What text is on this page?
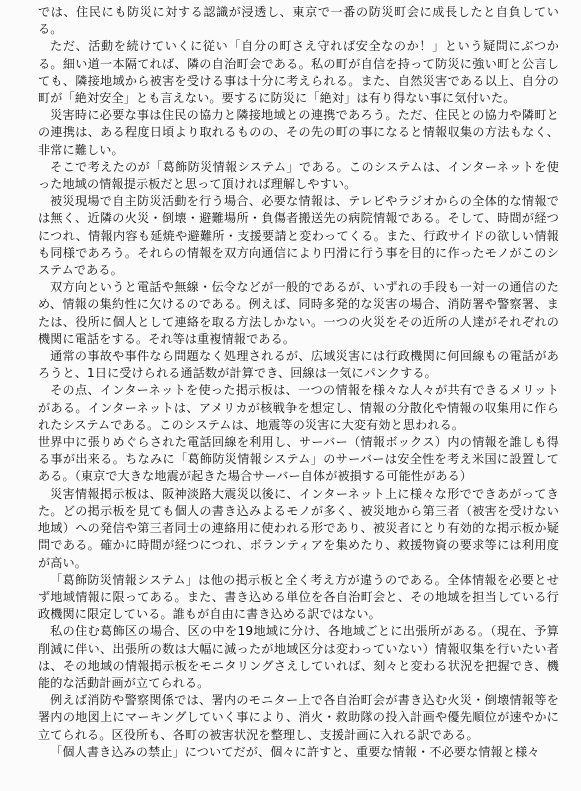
では、住民にも防災に対する認識が浸透し、東京で一番の防災町会に成長したと自負している。

ただ、活動を続けていくに従い「自分の町さえ守れば安全なのか！」という疑問にぶつかる。細い道一本隔てれば、隣の自治町会である。私の町が自信を持って防災に強い町と公言しても、隣接地域から被害を受ける事は十分に考えられる。また、自然災害である以上、自分の町が「絶対安全」とも言えない。要するに防災に「絶対」は有り得ない事に気付いた。

災害時に必要な事は住民の協力と隣接地域との連携であろう。ただ、住民との協力や隣町との連携は、ある程度日頃より取れるものの、その先の町の事になると情報収集の方法もなく、非常に難しい。

そこで考えたのが「葛飾防災情報システム」である。このシステムは、インターネットを使った地域の情報提示板だと思って頂ければ理解しやすい。

被災現場で自主防災活動を行う場合、必要な情報は、テレビやラジオからの全体的な情報では無く、近隣の火災・倒壊・避難場所・負傷者搬送先の病院情報である。そして、時間が経つにつれ、情報内容も延焼や避難所・支援要請と変わってくる。また、行政サイドの欲しい情報も同様であろう。それらの情報を双方向通信により円滑に行う事を目的に作ったモノがこのシステムである。

双方向というと電話や無線・伝令などが一般的であるが、いずれの手段も一対一の通信のため、情報の集約性に欠けるのである。例えば、同時多発的な災害の場合、消防署や警察署、または、役所に個人として連絡を取る方法しかない。一つの火災をその近所の人達がそれぞれの機関に電話をする。それ等は重複情報である。

通常の事故や事件なら問題なく処理されるが、広域災害には行政機関に何回線もの電話があろうと、1日に受けられる通話数が計算でき、回線は一気にパンクする。

その点、インターネットを使った掲示板は、一つの情報を様々な人々が共有できるメリットがある。インターネットは、アメリカが核戦争を想定し、情報の分散化や情報の収集用に作られたシステムである。このシステムは、地震等の災害に大変有効と思われる。

世界中に張りめぐらされた電話回線を利用し、サーバー（情報ボックス）内の情報を誰しも得る事が出来る。ちなみに「葛飾防災情報システム」のサーバーは安全性を考え米国に設置してある。（東京で大きな地震が起きた場合サーバー自体が被損する可能性がある）

災害情報掲示板は、阪神淡路大震災以後に、インターネット上に様々な形でできあがってきた。どの掲示板を見ても個人の書き込みよるモノが多く、被災地から第三者（被害を受けない地域）への発信や第三者同士の連絡用に使われる形であり、被災者にとり有効的な掲示板か疑問である。確かに時間が経つにつれ、ボランティアを集めたり、救援物資の要求等には利用度が高い。

「葛飾防災情報システム」は他の掲示板と全く考え方が違うのである。全体情報を必要とせず地域情報に限ってある。また、書き込める単位を各自治町会と、その地域を担当している行政機関に限定している。誰もが自由に書き込める訳ではない。

私の住む葛飾区の場合、区の中を19地域に分け、各地域ごとに出張所がある。（現在、予算削減に伴い、出張所の数は大幅に減ったが地域区分は変わっていない）情報収集を行いたい者は、その地域の情報掲示板をモニタリングさえしていれば、刻々と変わる状況を把握でき、機能的な活動計画が立てられる。

例えば消防や警察関係では、署内のモニター上で各自治町会が書き込む火災・倒壊情報等を署内の地図上にマーキングしていく事により、消火・救助隊の投入計画や優先順位が速やかに立てられる。区役所も、各町の被害状況を整理し、支援計画に入れる訳である。

「個人書き込みの禁止」についてだが、個々に許すと、重要な情報・不必要な情報と様々
